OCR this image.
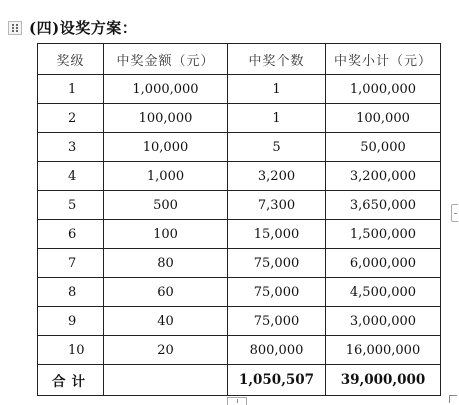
(四)设奖方案：
奖级	中奖金额（元）	中奖个数	中奖小计（元）
1	1,000,000	1	1,000,000
2	100,000	1	100,000
3	10,000	5	50,000
4	1,000	3,200	3,200,000
5	500	7,300	3,650,000
6	100	15,000	1,500,000
7	80	75,000	6,000,000
8	60	75,000	4,500,000
9	40	75,000	3,000,000
10	20	800,000	16,000,000
合计		1,050,507	39,000,000
